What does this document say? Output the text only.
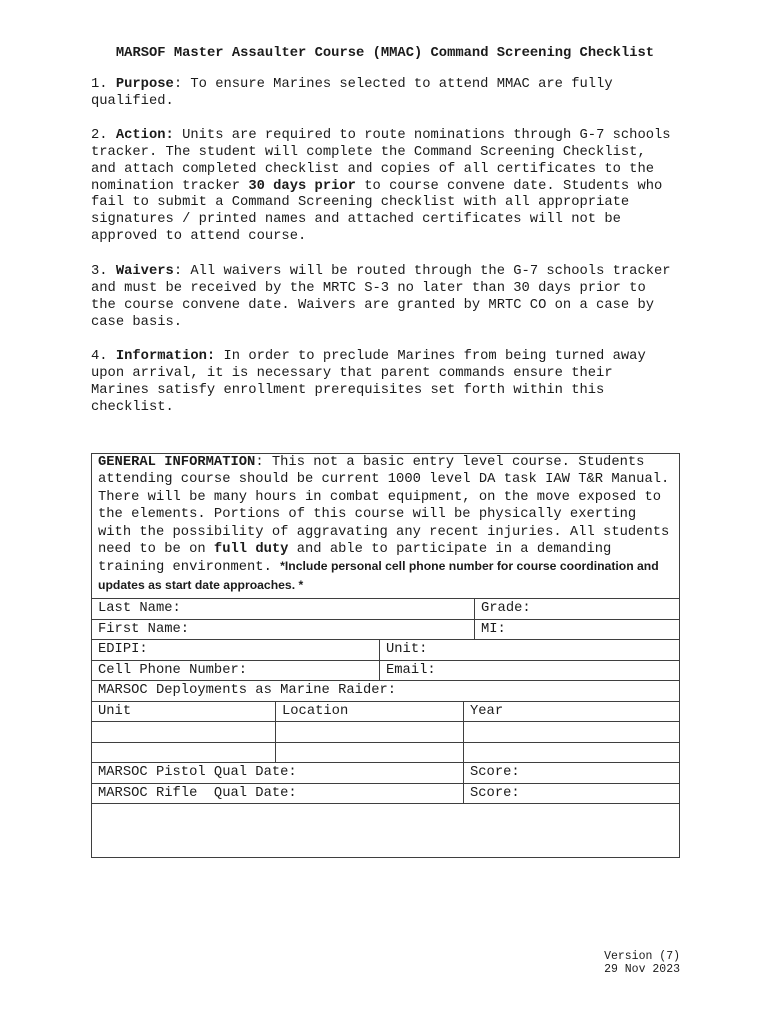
MARSOF Master Assaulter Course (MMAC) Command Screening Checklist

1. Purpose: To ensure Marines selected to attend MMAC are fully qualified.

2. Action: Units are required to route nominations through G-7 schools tracker. The student will complete the Command Screening Checklist, and attach completed checklist and copies of all certificates to the nomination tracker 30 days prior to course convene date. Students who fail to submit a Command Screening checklist with all appropriate signatures / printed names and attached certificates will not be approved to attend course.

3. Waivers: All waivers will be routed through the G-7 schools tracker and must be received by the MRTC S-3 no later than 30 days prior to the course convene date. Waivers are granted by MRTC CO on a case by case basis.

4. Information: In order to preclude Marines from being turned away upon arrival, it is necessary that parent commands ensure their Marines satisfy enrollment prerequisites set forth within this checklist.

GENERAL INFORMATION: This not a basic entry level course. Students attending course should be current 1000 level DA task IAW T&R Manual. There will be many hours in combat equipment, on the move exposed to the elements. Portions of this course will be physically exerting with the possibility of aggravating any recent injuries. All students need to be on full duty and able to participate in a demanding training environment. *Include personal cell phone number for course coordination and updates as start date approaches. *
Last Name:	Grade:
First Name:	MI:
EDIPI:	Unit:
Cell Phone Number:	Email:
MARSOC Deployments as Marine Raider:
Unit	Location	Year
MARSOC Pistol Qual Date:	Score:
MARSOC Rifle  Qual Date:	Score:
Version (7)
29 Nov 2023
